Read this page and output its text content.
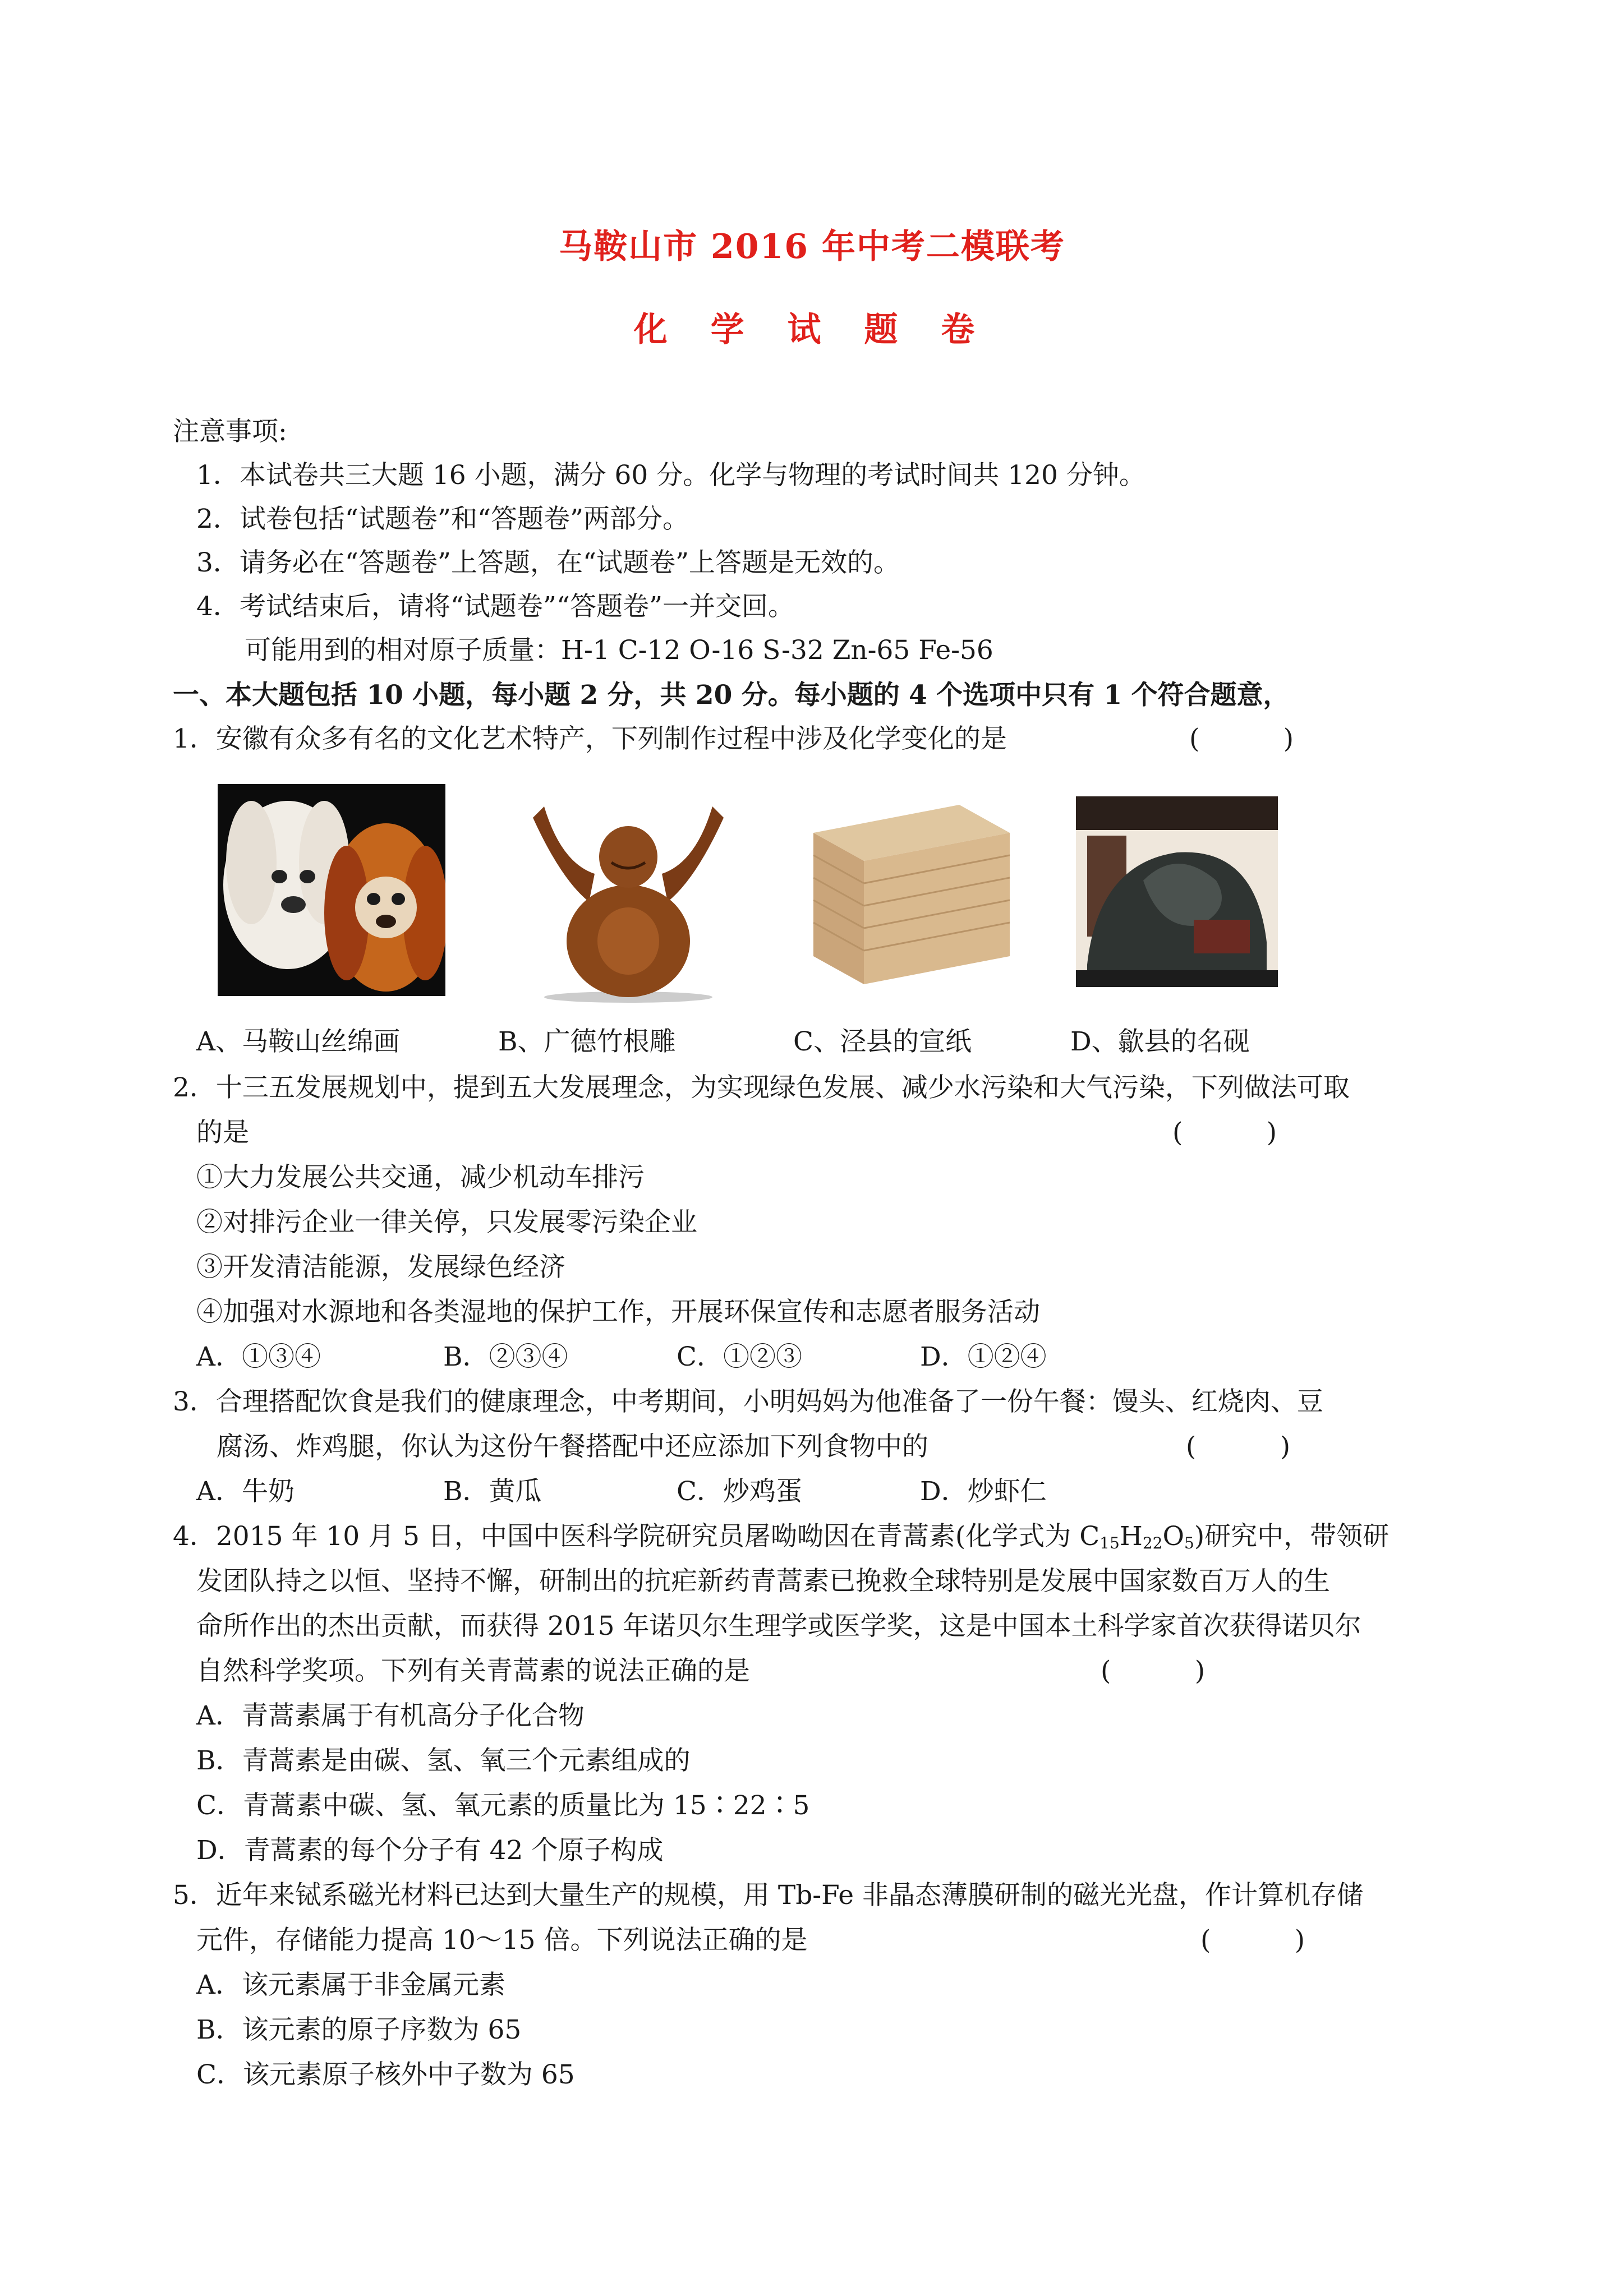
马鞍山市 2016 年中考二模联考
化 学 试 题 卷
注意事项:
1．本试卷共三大题 16 小题，满分 60 分。化学与物理的考试时间共 120 分钟。
2．试卷包括“试题卷”和“答题卷”两部分。
3．请务必在“答题卷”上答题，在“试题卷”上答题是无效的。
4．考试结束后，请将“试题卷”“答题卷”一并交回。
可能用到的相对原子质量：H-1 C-12 O-16 S-32 Zn-65 Fe-56
一、本大题包括 10 小题，每小题 2 分，共 20 分。每小题的 4 个选项中只有 1 个符合题意，
1．安徽有众多有名的文化艺术特产，下列制作过程中涉及化学变化的是	(          )
A、马鞍山丝绵画	B、广德竹根雕	C、泾县的宣纸	D、歙县的名砚
2．十三五发展规划中，提到五大发展理念，为实现绿色发展、减少水污染和大气污染，下列做法可取
的是	(          )
①大力发展公共交通，减少机动车排污
②对排污企业一律关停，只发展零污染企业
③开发清洁能源，发展绿色经济
④加强对水源地和各类湿地的保护工作，开展环保宣传和志愿者服务活动
A．①③④	B．②③④	C．①②③	D．①②④
3．合理搭配饮食是我们的健康理念，中考期间，小明妈妈为他准备了一份午餐：馒头、红烧肉、豆
腐汤、炸鸡腿，你认为这份午餐搭配中还应添加下列食物中的	(          )
A．牛奶	B．黄瓜	C．炒鸡蛋	D．炒虾仁
4．2015 年 10 月 5 日，中国中医科学院研究员屠呦呦因在青蒿素(化学式为 $C_{15}H_{22}O_5$)研究中，带领研
发团队持之以恒、坚持不懈，研制出的抗疟新药青蒿素已挽救全球特别是发展中国家数百万人的生
命所作出的杰出贡献，而获得 2015 年诺贝尔生理学或医学奖，这是中国本土科学家首次获得诺贝尔
自然科学奖项。下列有关青蒿素的说法正确的是	(          )
A．青蒿素属于有机高分子化合物
B．青蒿素是由碳、氢、氧三个元素组成的
C．青蒿素中碳、氢、氧元素的质量比为 15∶22∶5
D．青蒿素的每个分子有 42 个原子构成
5．近年来铽系磁光材料已达到大量生产的规模，用 Tb-Fe 非晶态薄膜研制的磁光光盘，作计算机存储
元件，存储能力提高 10～15 倍。下列说法正确的是	(          )
A．该元素属于非金属元素
B．该元素的原子序数为 65
C．该元素原子核外中子数为 65
